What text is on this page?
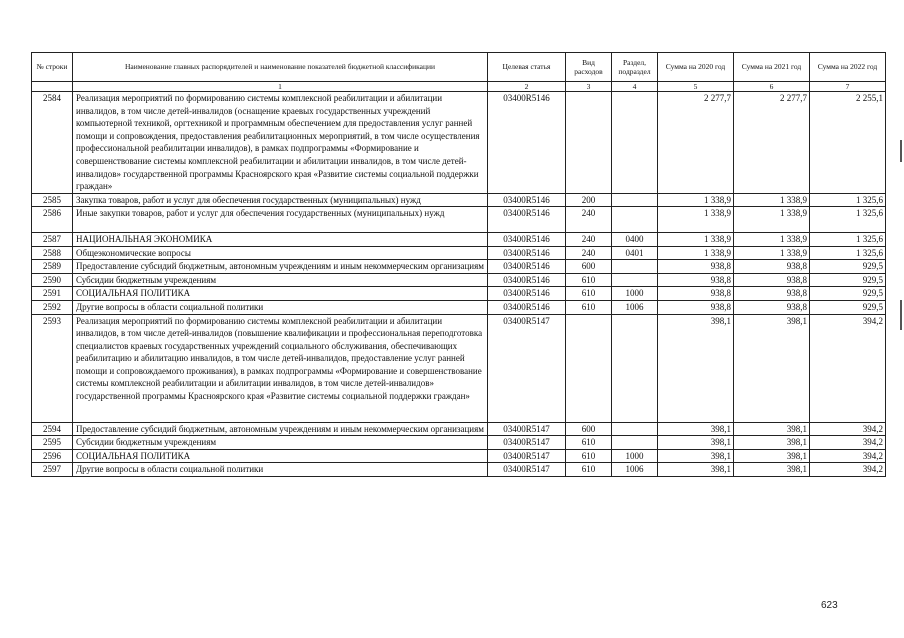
№ строки	Наименование главных распорядителей и наименование показателей бюджетной классификации	Целевая статья	Вид расходов	Раздел, подраздел	Сумма на 2020 год	Сумма на 2021 год	Сумма на 2022 год
	1	2	3	4	5	6	7
2584	Реализация мероприятий по формированию системы комплексной реабилитации и абилитации инвалидов, в том числе детей-инвалидов (оснащение краевых государственных учреждений компьютерной техникой, оргтехникой и программным обеспечением для предоставления услуг ранней помощи и сопровождения, предоставления реабилитационных мероприятий, в том числе осуществления профессиональной реабилитации инвалидов), в рамках подпрограммы «Формирование и совершенствование системы комплексной реабилитации и абилитации инвалидов, в том числе детей-инвалидов» государственной программы Красноярского края «Развитие системы социальной поддержки граждан»	03400R5146			2 277,7	2 277,7	2 255,1
2585	Закупка товаров, работ и услуг для обеспечения государственных (муниципальных) нужд	03400R5146	200		1 338,9	1 338,9	1 325,6
2586	Иные закупки товаров, работ и услуг для обеспечения государственных (муниципальных) нужд	03400R5146	240		1 338,9	1 338,9	1 325,6
2587	НАЦИОНАЛЬНАЯ ЭКОНОМИКА	03400R5146	240	0400	1 338,9	1 338,9	1 325,6
2588	Общеэкономические вопросы	03400R5146	240	0401	1 338,9	1 338,9	1 325,6
2589	Предоставление субсидий бюджетным, автономным учреждениям и иным некоммерческим организациям	03400R5146	600		938,8	938,8	929,5
2590	Субсидии бюджетным учреждениям	03400R5146	610		938,8	938,8	929,5
2591	СОЦИАЛЬНАЯ ПОЛИТИКА	03400R5146	610	1000	938,8	938,8	929,5
2592	Другие вопросы в области социальной политики	03400R5146	610	1006	938,8	938,8	929,5
2593	Реализация мероприятий по формированию системы комплексной реабилитации и абилитации инвалидов, в том числе детей-инвалидов (повышение квалификации и профессиональная переподготовка специалистов краевых государственных учреждений социального обслуживания, обеспечивающих реабилитацию и абилитацию инвалидов, в том числе детей-инвалидов, предоставление услуг ранней помощи и сопровождаемого проживания), в рамках подпрограммы «Формирование и совершенствование системы комплексной реабилитации и абилитации инвалидов, в том числе детей-инвалидов» государственной программы Красноярского края «Развитие системы социальной поддержки граждан»	03400R5147			398,1	398,1	394,2
2594	Предоставление субсидий бюджетным, автономным учреждениям и иным некоммерческим организациям	03400R5147	600		398,1	398,1	394,2
2595	Субсидии бюджетным учреждениям	03400R5147	610		398,1	398,1	394,2
2596	СОЦИАЛЬНАЯ ПОЛИТИКА	03400R5147	610	1000	398,1	398,1	394,2
2597	Другие вопросы в области социальной политики	03400R5147	610	1006	398,1	398,1	394,2
623
